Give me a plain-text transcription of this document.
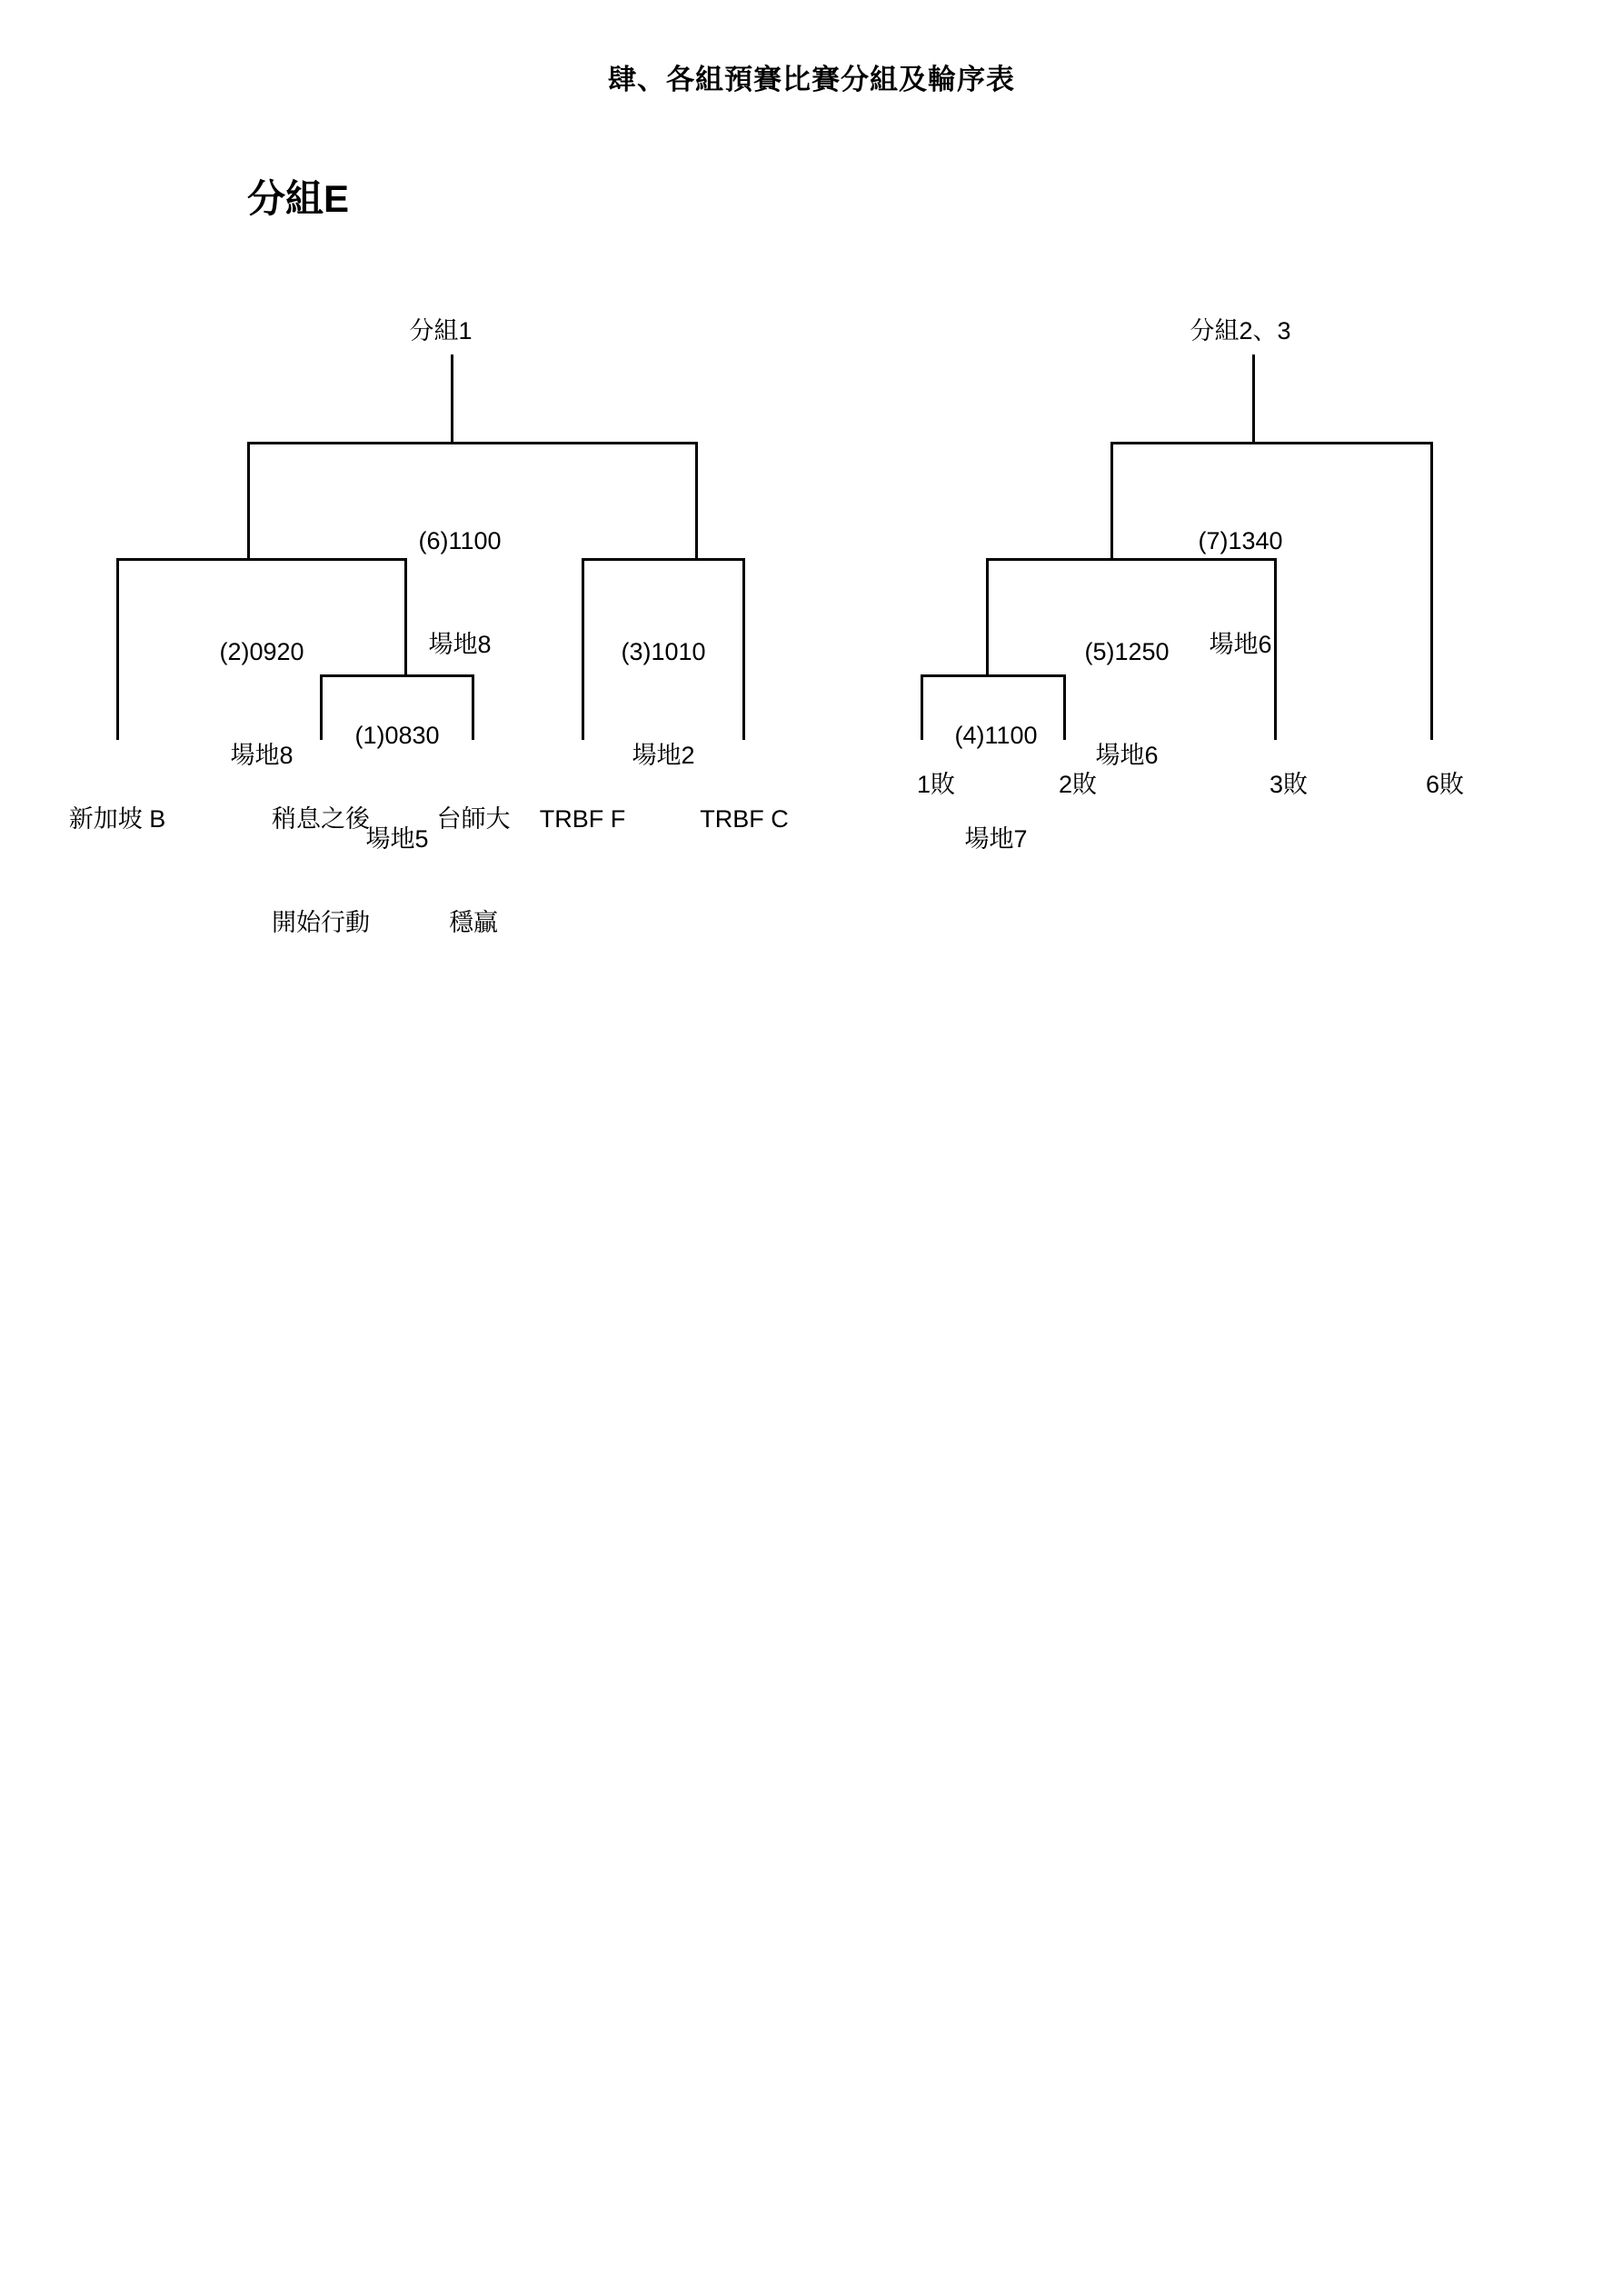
肆、各組預賽比賽分組及輪序表
分組E
分組1

(6)1100

場地8

(2)0920

場地8

(3)1010

場地2

(1)0830

場地5

新加坡 B

	稍息之後

開始行動

台師大

穩贏

TRBF F

	TRBF C

分組2、3

(7)1340

場地6

(5)1250

場地6

(4)1100

場地7

1敗
	2敗
	3敗
	6敗
